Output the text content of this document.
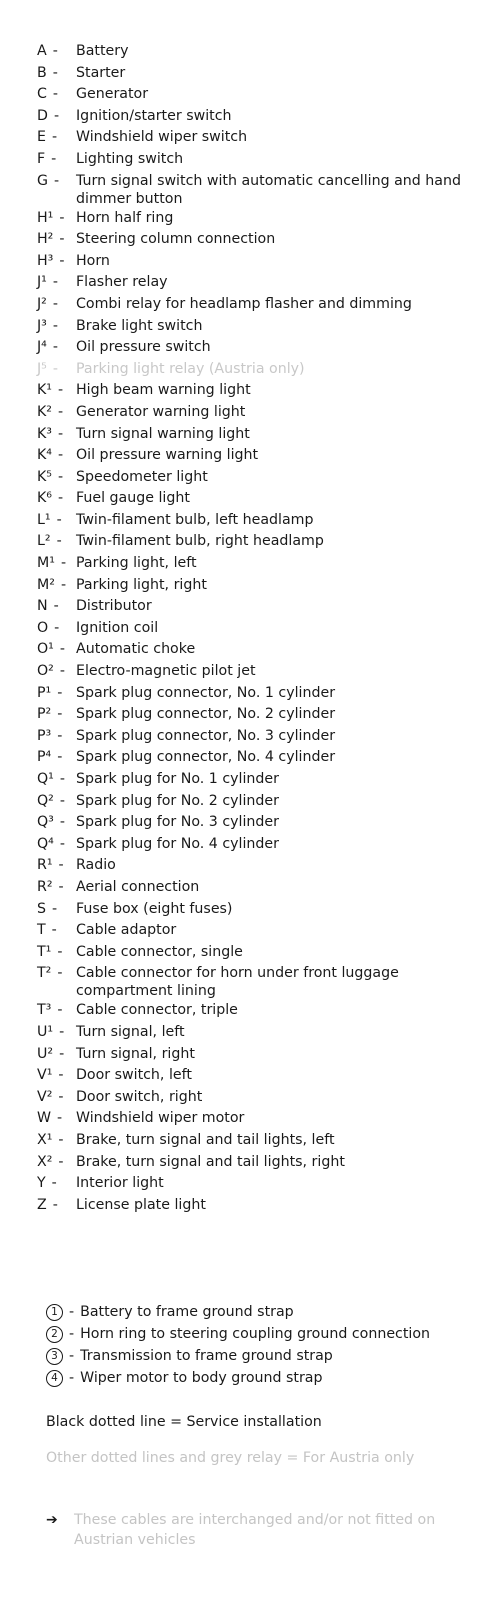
A -	Battery
B -	Starter
C -	Generator
D -	Ignition/starter switch
E -	Windshield wiper switch
F -	Lighting switch
G -	Turn signal switch with automatic cancelling and hand dimmer button
H¹ - Horn half ring
H² - Steering column connection
H³ - Horn
J¹ -	Flasher relay
J² -	Combi relay for headlamp flasher and dimming
J³ -	Brake light switch
J⁴ -	Oil pressure switch
J⁵ -	Parking light relay (Austria only)
K¹ - High beam warning light
K² - Generator warning light
K³ - Turn signal warning light
K⁴ - Oil pressure warning light
K⁵ - Speedometer light
K⁶ - Fuel gauge light
L¹ -	Twin-filament bulb, left headlamp
L² -	Twin-filament bulb, right headlamp
M¹ - Parking light, left
M² - Parking light, right
N -	Distributor
O -	Ignition coil
O¹ - Automatic choke
O² - Electro-magnetic pilot jet
P¹ - Spark plug connector, No. 1 cylinder
P² - Spark plug connector, No. 2 cylinder
P³ - Spark plug connector, No. 3 cylinder
P⁴ - Spark plug connector, No. 4 cylinder
Q¹ - Spark plug for No. 1 cylinder
Q² - Spark plug for No. 2 cylinder
Q³ - Spark plug for No. 3 cylinder
Q⁴ - Spark plug for No. 4 cylinder
R¹ - Radio
R² - Aerial connection
S -	Fuse box (eight fuses)
T -	Cable adaptor
T¹ - Cable connector, single
T² - Cable connector for horn under front luggage compartment lining
T³ - Cable connector, triple
U¹ - Turn signal, left
U² - Turn signal, right
V¹ - Door switch, left
V² - Door switch, right
W - Windshield wiper motor
X¹ - Brake, turn signal and tail lights, left
X² - Brake, turn signal and tail lights, right
Y -	Interior light
Z -	License plate light
1 - Battery to frame ground strap
2 - Horn ring to steering coupling ground connection
3 - Transmission to frame ground strap
4 - Wiper motor to body ground strap
Black dotted line = Service installation
Other dotted lines and grey relay = For Austria only
➔	These cables are interchanged and/or not fitted on Austrian vehicles
